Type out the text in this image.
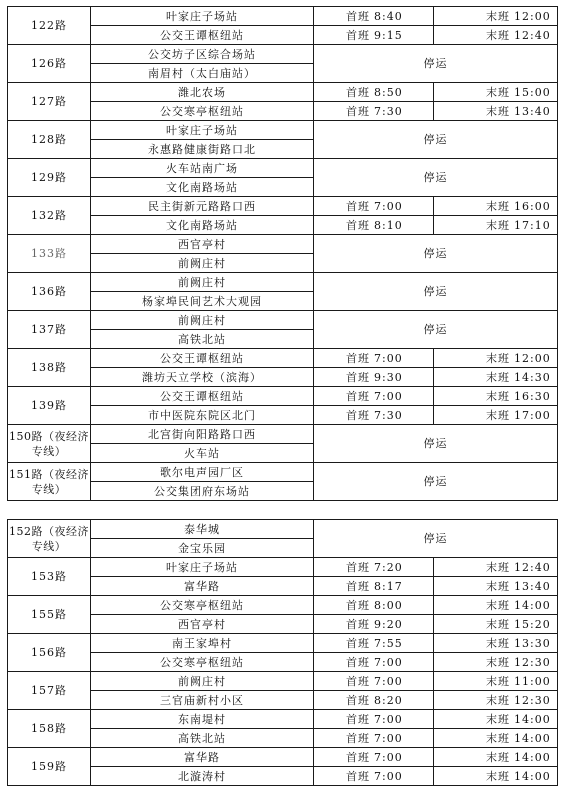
122路	叶家庄子场站	首班 8:40	末班 12:00
	公交王谭枢纽站	首班 9:15	末班 12:40
126路	公交坊子区综合场站	停运	
	南眉村（太白庙站）		
127路	潍北农场	首班 8:50	末班 15:00
	公交寒亭枢纽站	首班 7:30	末班 13:40
128路	叶家庄子场站	停运	
	永惠路健康街路口北		
129路	火车站南广场	停运	
	文化南路场站		
132路	民主街新元路路口西	首班 7:00	末班 16:00
	文化南路场站	首班 8:10	末班 17:10
133路	西官亭村	停运	
	前阙庄村		
136路	前阙庄村	停运	
	杨家埠民间艺术大观园		
137路	前阙庄村	停运	
	高铁北站		
138路	公交王谭枢纽站	首班 7:00	末班 12:00
	潍坊天立学校（滨海）	首班 9:30	末班 14:30
139路	公交王谭枢纽站	首班 7:00	末班 16:30
	市中医院东院区北门	首班 7:30	末班 17:00
150路（夜经济专线）	北宫街向阳路路口西	停运	
	火车站		
151路（夜经济专线）	歌尔电声园厂区	停运	
	公交集团府东场站		
152路（夜经济专线）	泰华城	停运	
	金宝乐园		
153路	叶家庄子场站	首班 7:20	末班 12:40
	富华路	首班 8:17	末班 13:40
155路	公交寒亭枢纽站	首班 8:00	末班 14:00
	西官亭村	首班 9:20	末班 15:20
156路	南王家埠村	首班 7:55	末班 13:30
	公交寒亭枢纽站	首班 7:00	末班 12:30
157路	前阙庄村	首班 7:00	末班 11:00
	三官庙新村小区	首班 8:20	末班 12:30
158路	东南堤村	首班 7:00	末班 14:00
	高铁北站	首班 7:00	末班 14:00
159路	富华路	首班 7:00	末班 14:00
	北漩涛村	首班 7:00	末班 14:00
